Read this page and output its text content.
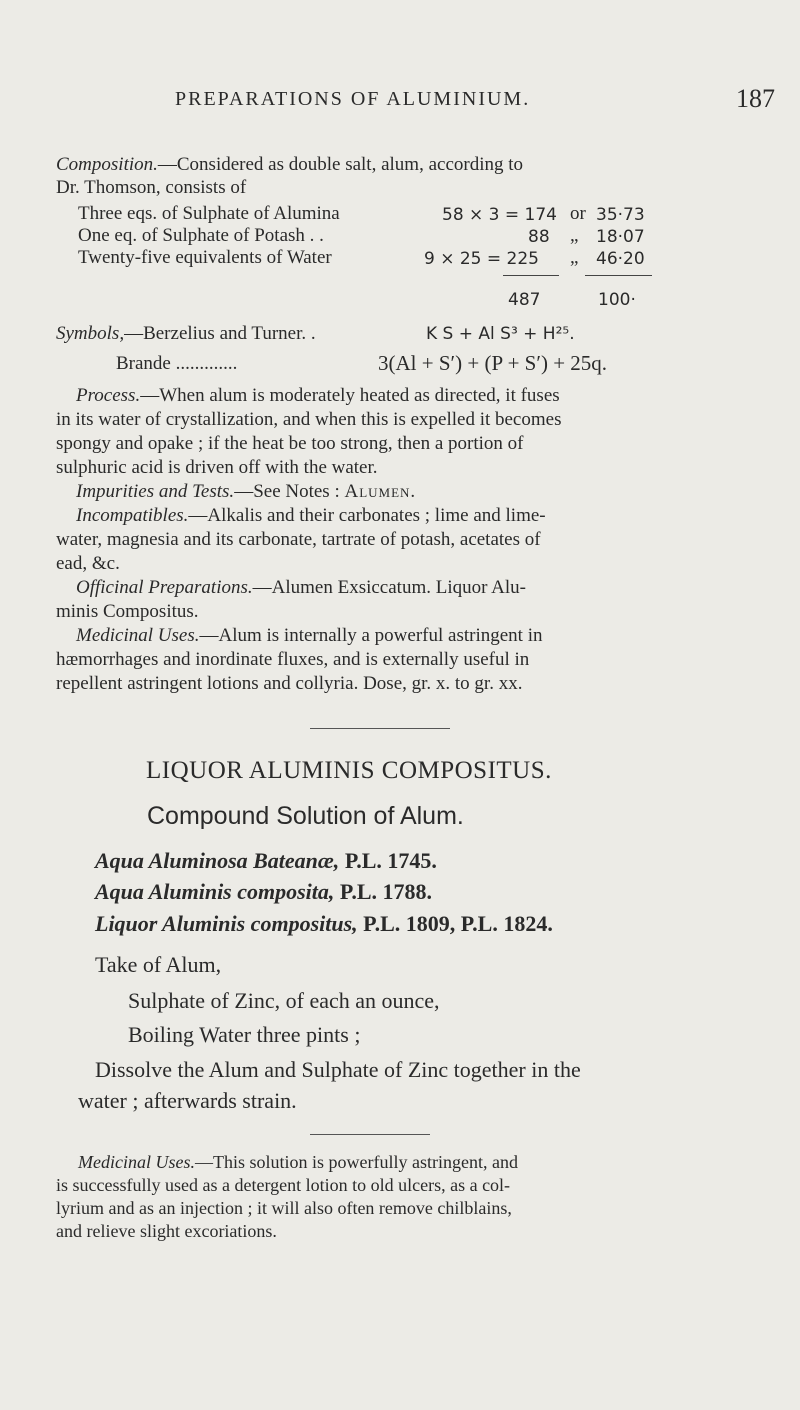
PREPARATIONS OF ALUMINIUM.	187
Composition.—Considered as double salt, alum, according to
Dr. Thomson, consists of
Three eqs. of Sulphate of Alumina	58 × 3 = 174 or 35·73
One eq. of Sulphate of Potash . .	88 „ 18·07
Twenty-five equivalents of Water	9 × 25 = 225 „ 46·20
487	100·
Symbols,—Berzelius and Turner. .	K S + Al S³ + H²⁵.
Brande .............	3(Al + S′) + (P + S′) + 25q.
Process.—When alum is moderately heated as directed, it fuses
in its water of crystallization, and when this is expelled it becomes
spongy and opake ; if the heat be too strong, then a portion of
sulphuric acid is driven off with the water.
Impurities and Tests.—See Notes : Alumen.
Incompatibles.—Alkalis and their carbonates ; lime and lime-
water, magnesia and its carbonate, tartrate of potash, acetates of
ead, &c.
Officinal Preparations.—Alumen Exsiccatum. Liquor Alu-
minis Compositus.
Medicinal Uses.—Alum is internally a powerful astringent in
hæmorrhages and inordinate fluxes, and is externally useful in
repellent astringent lotions and collyria. Dose, gr. x. to gr. xx.
LIQUOR ALUMINIS COMPOSITUS.
Compound Solution of Alum.
Aqua Aluminosa Bateanæ, P.L. 1745.
Aqua Aluminis composita, P.L. 1788.
Liquor Aluminis compositus, P.L. 1809, P.L. 1824.
Take of Alum,
Sulphate of Zinc, of each an ounce,
Boiling Water three pints ;
Dissolve the Alum and Sulphate of Zinc together in the
water ; afterwards strain.
Medicinal Uses.—This solution is powerfully astringent, and
is successfully used as a detergent lotion to old ulcers, as a col-
lyrium and as an injection ; it will also often remove chilblains,
and relieve slight excoriations.
